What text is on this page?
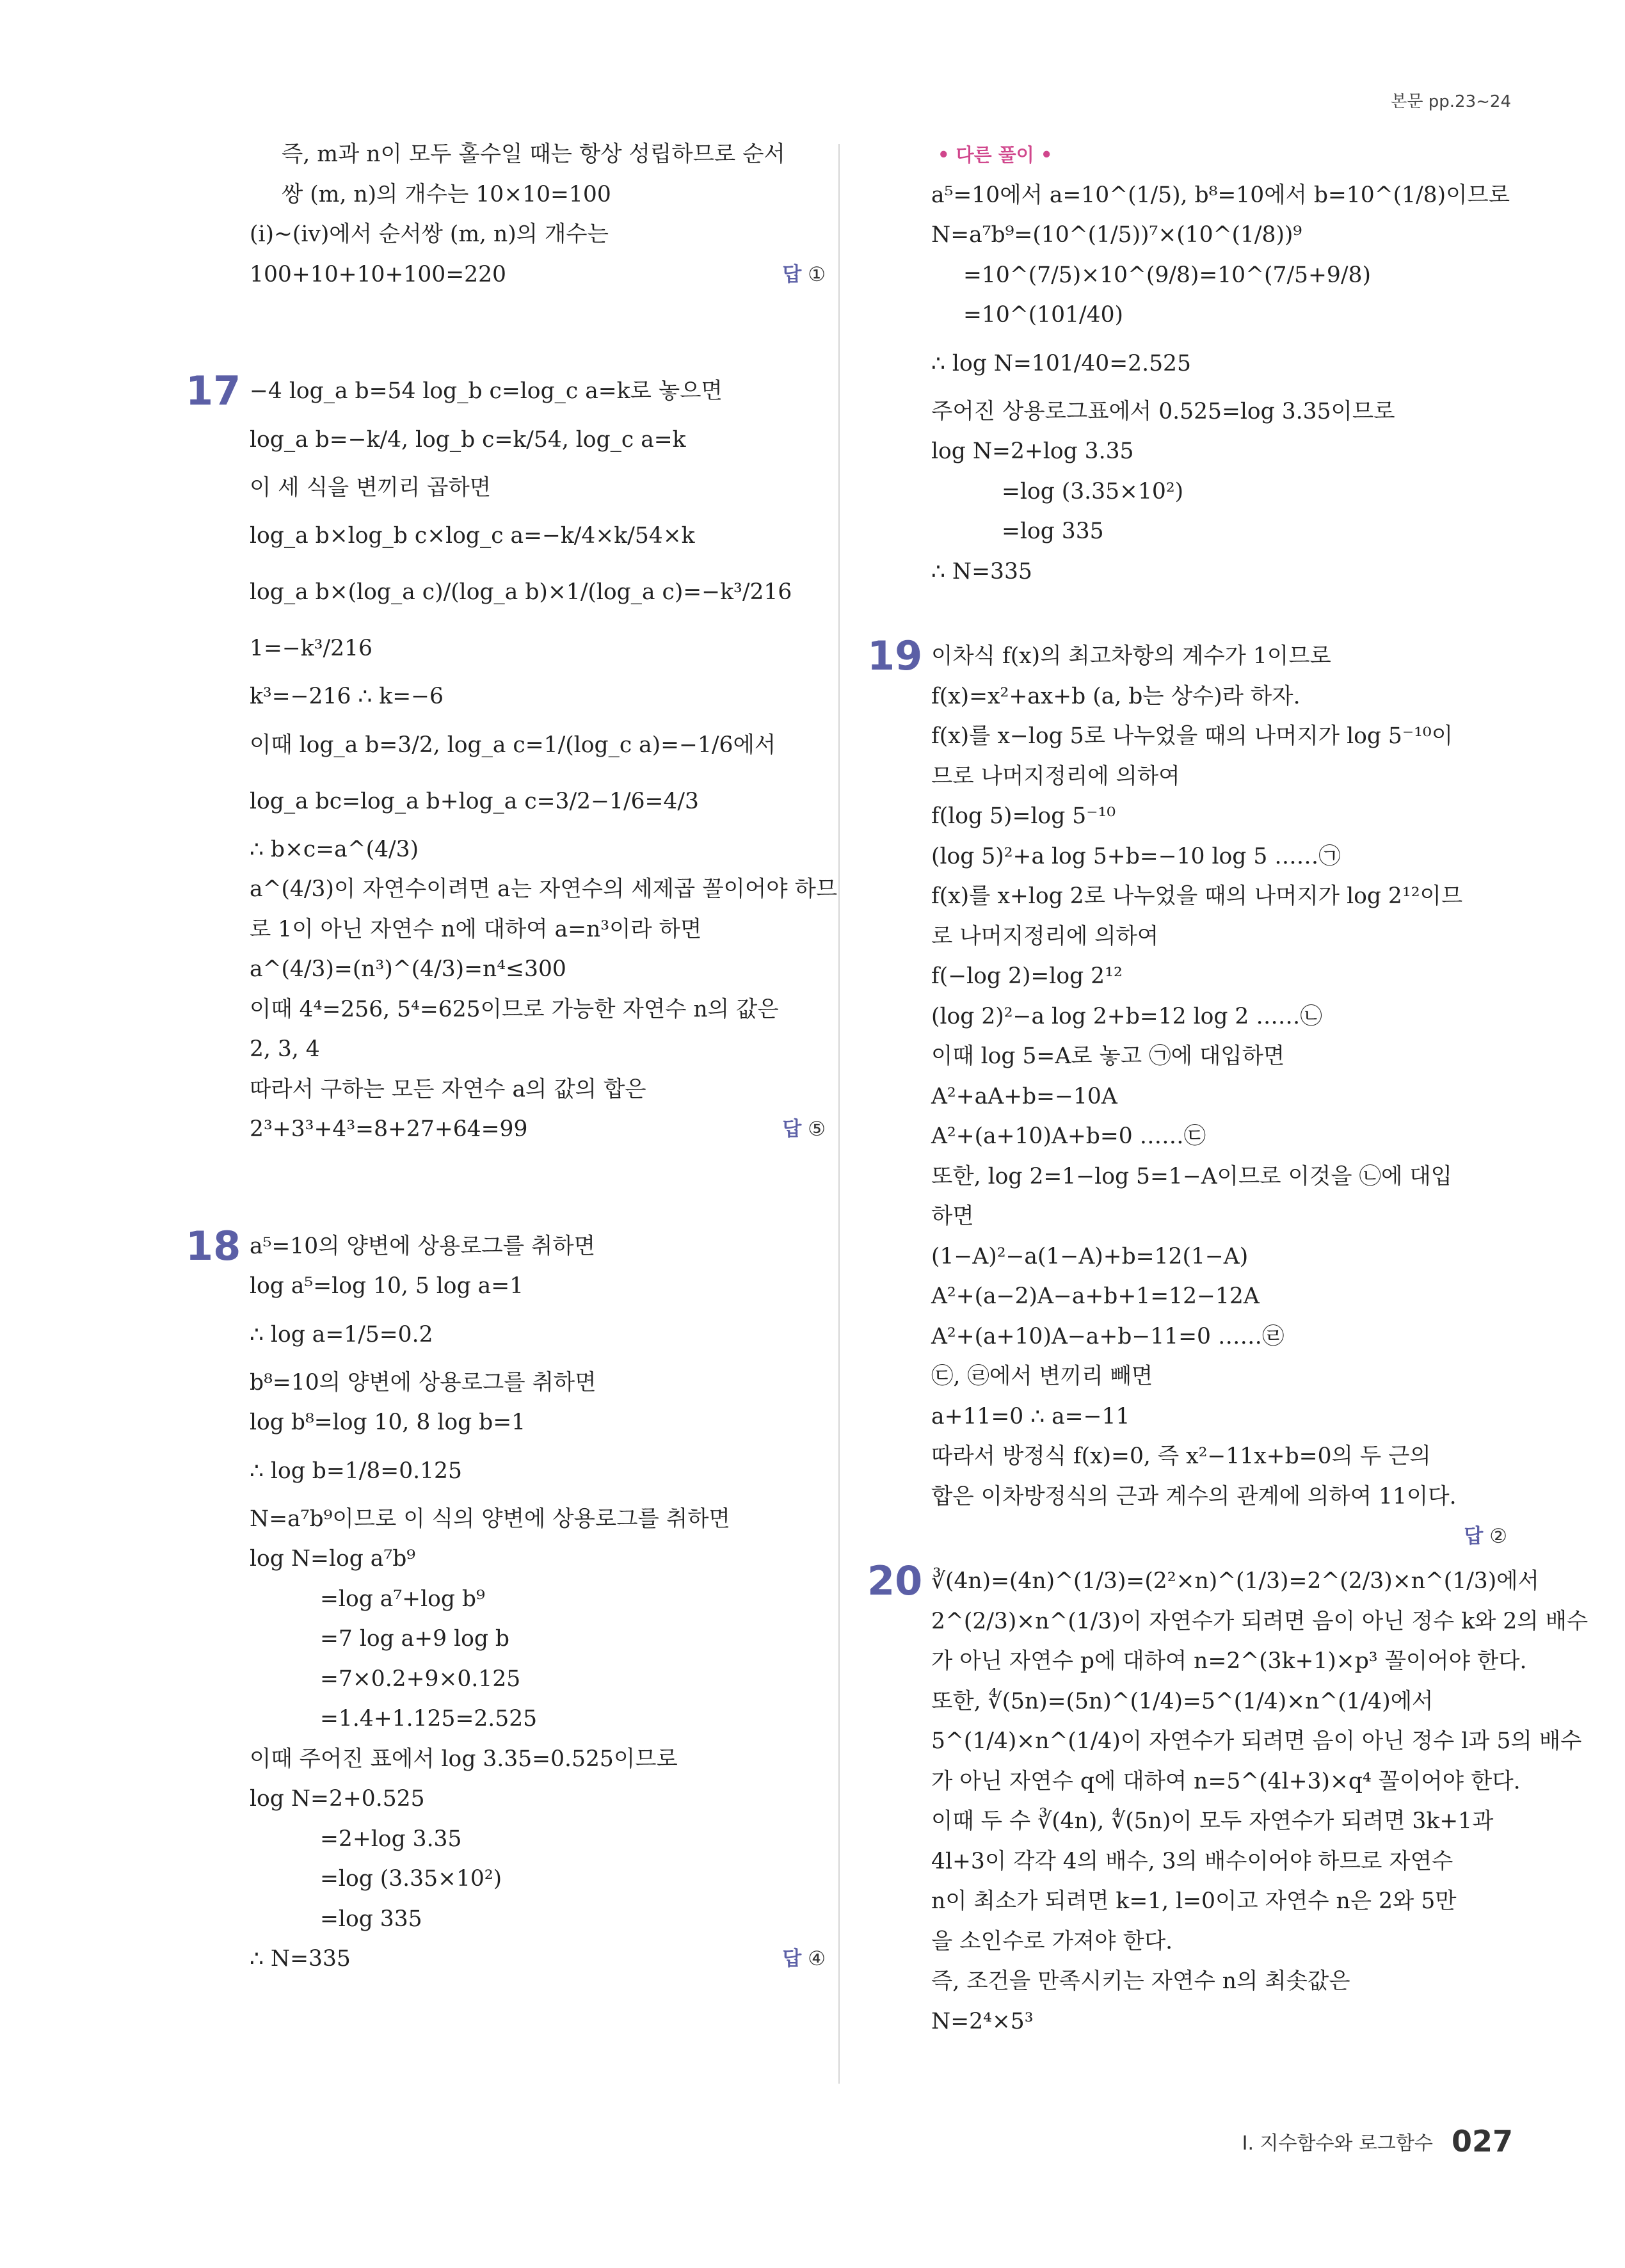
본문 pp.23~24
즉, m과 n이 모두 홀수일 때는 항상 성립하므로 순서
쌍 (m, n)의 개수는 10×10=100
(ⅰ)~(ⅳ)에서 순서쌍 (m, n)의 개수는
100+10+10+100=220	답 ①
17 −4 log_a b=54 log_b c=log_c a=k로 놓으면
log_a b=−k/4, log_b c=k/54, log_c a=k
이 세 식을 변끼리 곱하면
log_a b×log_b c×log_c a=−k/4×k/54×k
log_a b×(log_a c)/(log_a b)×1/(log_a c)=−k³/216
1=−k³/216
k³=−216 ∴ k=−6
이때 log_a b=3/2, log_a c=1/(log_c a)=−1/6에서
log_a bc=log_a b+log_a c=3/2−1/6=4/3
∴ b×c=a^(4/3)
a^(4/3)이 자연수이려면 a는 자연수의 세제곱 꼴이어야 하므
로 1이 아닌 자연수 n에 대하여 a=n³이라 하면
a^(4/3)=(n³)^(4/3)=n⁴≤300
이때 4⁴=256, 5⁴=625이므로 가능한 자연수 n의 값은
2, 3, 4
따라서 구하는 모든 자연수 a의 값의 합은
2³+3³+4³=8+27+64=99	답 ⑤
18 a⁵=10의 양변에 상용로그를 취하면
log a⁵=log 10, 5 log a=1
∴ log a=1/5=0.2
b⁸=10의 양변에 상용로그를 취하면
log b⁸=log 10, 8 log b=1
∴ log b=1/8=0.125
N=a⁷b⁹이므로 이 식의 양변에 상용로그를 취하면
log N=log a⁷b⁹
=log a⁷+log b⁹
=7 log a+9 log b
=7×0.2+9×0.125
=1.4+1.125=2.525
이때 주어진 표에서 log 3.35=0.525이므로
log N=2+0.525
=2+log 3.35
=log (3.35×10²)
=log 335
∴ N=335	답 ④
• 다른 풀이 •
a⁵=10에서 a=10^(1/5), b⁸=10에서 b=10^(1/8)이므로
N=a⁷b⁹=(10^(1/5))⁷×(10^(1/8))⁹
=10^(7/5)×10^(9/8)=10^(7/5+9/8)
=10^(101/40)
∴ log N=101/40=2.525
주어진 상용로그표에서 0.525=log 3.35이므로
log N=2+log 3.35
=log (3.35×10²)
=log 335
∴ N=335
19 이차식 f(x)의 최고차항의 계수가 1이므로
f(x)=x²+ax+b (a, b는 상수)라 하자.
f(x)를 x−log 5로 나누었을 때의 나머지가 log 5⁻¹⁰이
므로 나머지정리에 의하여
f(log 5)=log 5⁻¹⁰
(log 5)²+a log 5+b=−10 log 5 ……㉠
f(x)를 x+log 2로 나누었을 때의 나머지가 log 2¹²이므
로 나머지정리에 의하여
f(−log 2)=log 2¹²
(log 2)²−a log 2+b=12 log 2 ……㉡
이때 log 5=A로 놓고 ㉠에 대입하면
A²+aA+b=−10A
A²+(a+10)A+b=0 ……㉢
또한, log 2=1−log 5=1−A이므로 이것을 ㉡에 대입
하면
(1−A)²−a(1−A)+b=12(1−A)
A²+(a−2)A−a+b+1=12−12A
A²+(a+10)A−a+b−11=0 ……㉣
㉢, ㉣에서 변끼리 빼면
a+11=0 ∴ a=−11
따라서 방정식 f(x)=0, 즉 x²−11x+b=0의 두 근의
합은 이차방정식의 근과 계수의 관계에 의하여 11이다.
답 ②
20 ∛(4n)=(4n)^(1/3)=(2²×n)^(1/3)=2^(2/3)×n^(1/3)에서
2^(2/3)×n^(1/3)이 자연수가 되려면 음이 아닌 정수 k와 2의 배수
가 아닌 자연수 p에 대하여 n=2^(3k+1)×p³ 꼴이어야 한다.
또한, ∜(5n)=(5n)^(1/4)=5^(1/4)×n^(1/4)에서
5^(1/4)×n^(1/4)이 자연수가 되려면 음이 아닌 정수 l과 5의 배수
가 아닌 자연수 q에 대하여 n=5^(4l+3)×q⁴ 꼴이어야 한다.
이때 두 수 ∛(4n), ∜(5n)이 모두 자연수가 되려면 3k+1과
4l+3이 각각 4의 배수, 3의 배수이어야 하므로 자연수
n이 최소가 되려면 k=1, l=0이고 자연수 n은 2와 5만
을 소인수로 가져야 한다.
즉, 조건을 만족시키는 자연수 n의 최솟값은
N=2⁴×5³
Ⅰ. 지수함수와 로그함수 027
